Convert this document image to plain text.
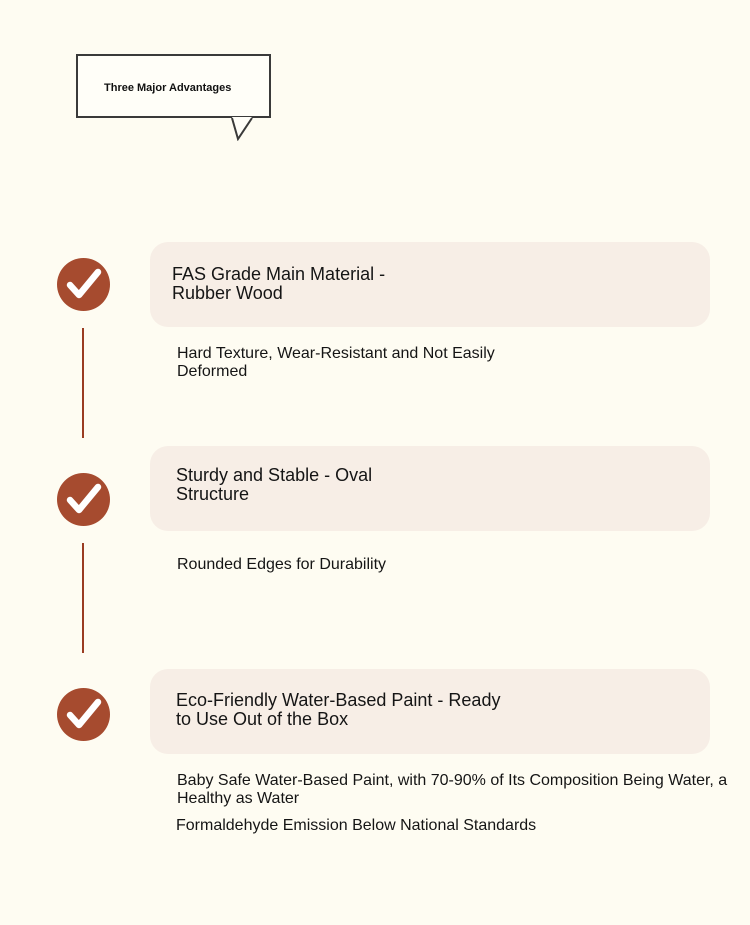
Three Major Advantages
FAS Grade Main Material -
Rubber Wood
Hard Texture, Wear-Resistant and Not Easily
Deformed
Sturdy and Stable - Oval
Structure
Rounded Edges for Durability
Eco-Friendly Water-Based Paint - Ready
to Use Out of the Box
Baby Safe Water-Based Paint, with 70-90% of Its Composition Being Water, a
Healthy as Water
Formaldehyde Emission Below National Standards
